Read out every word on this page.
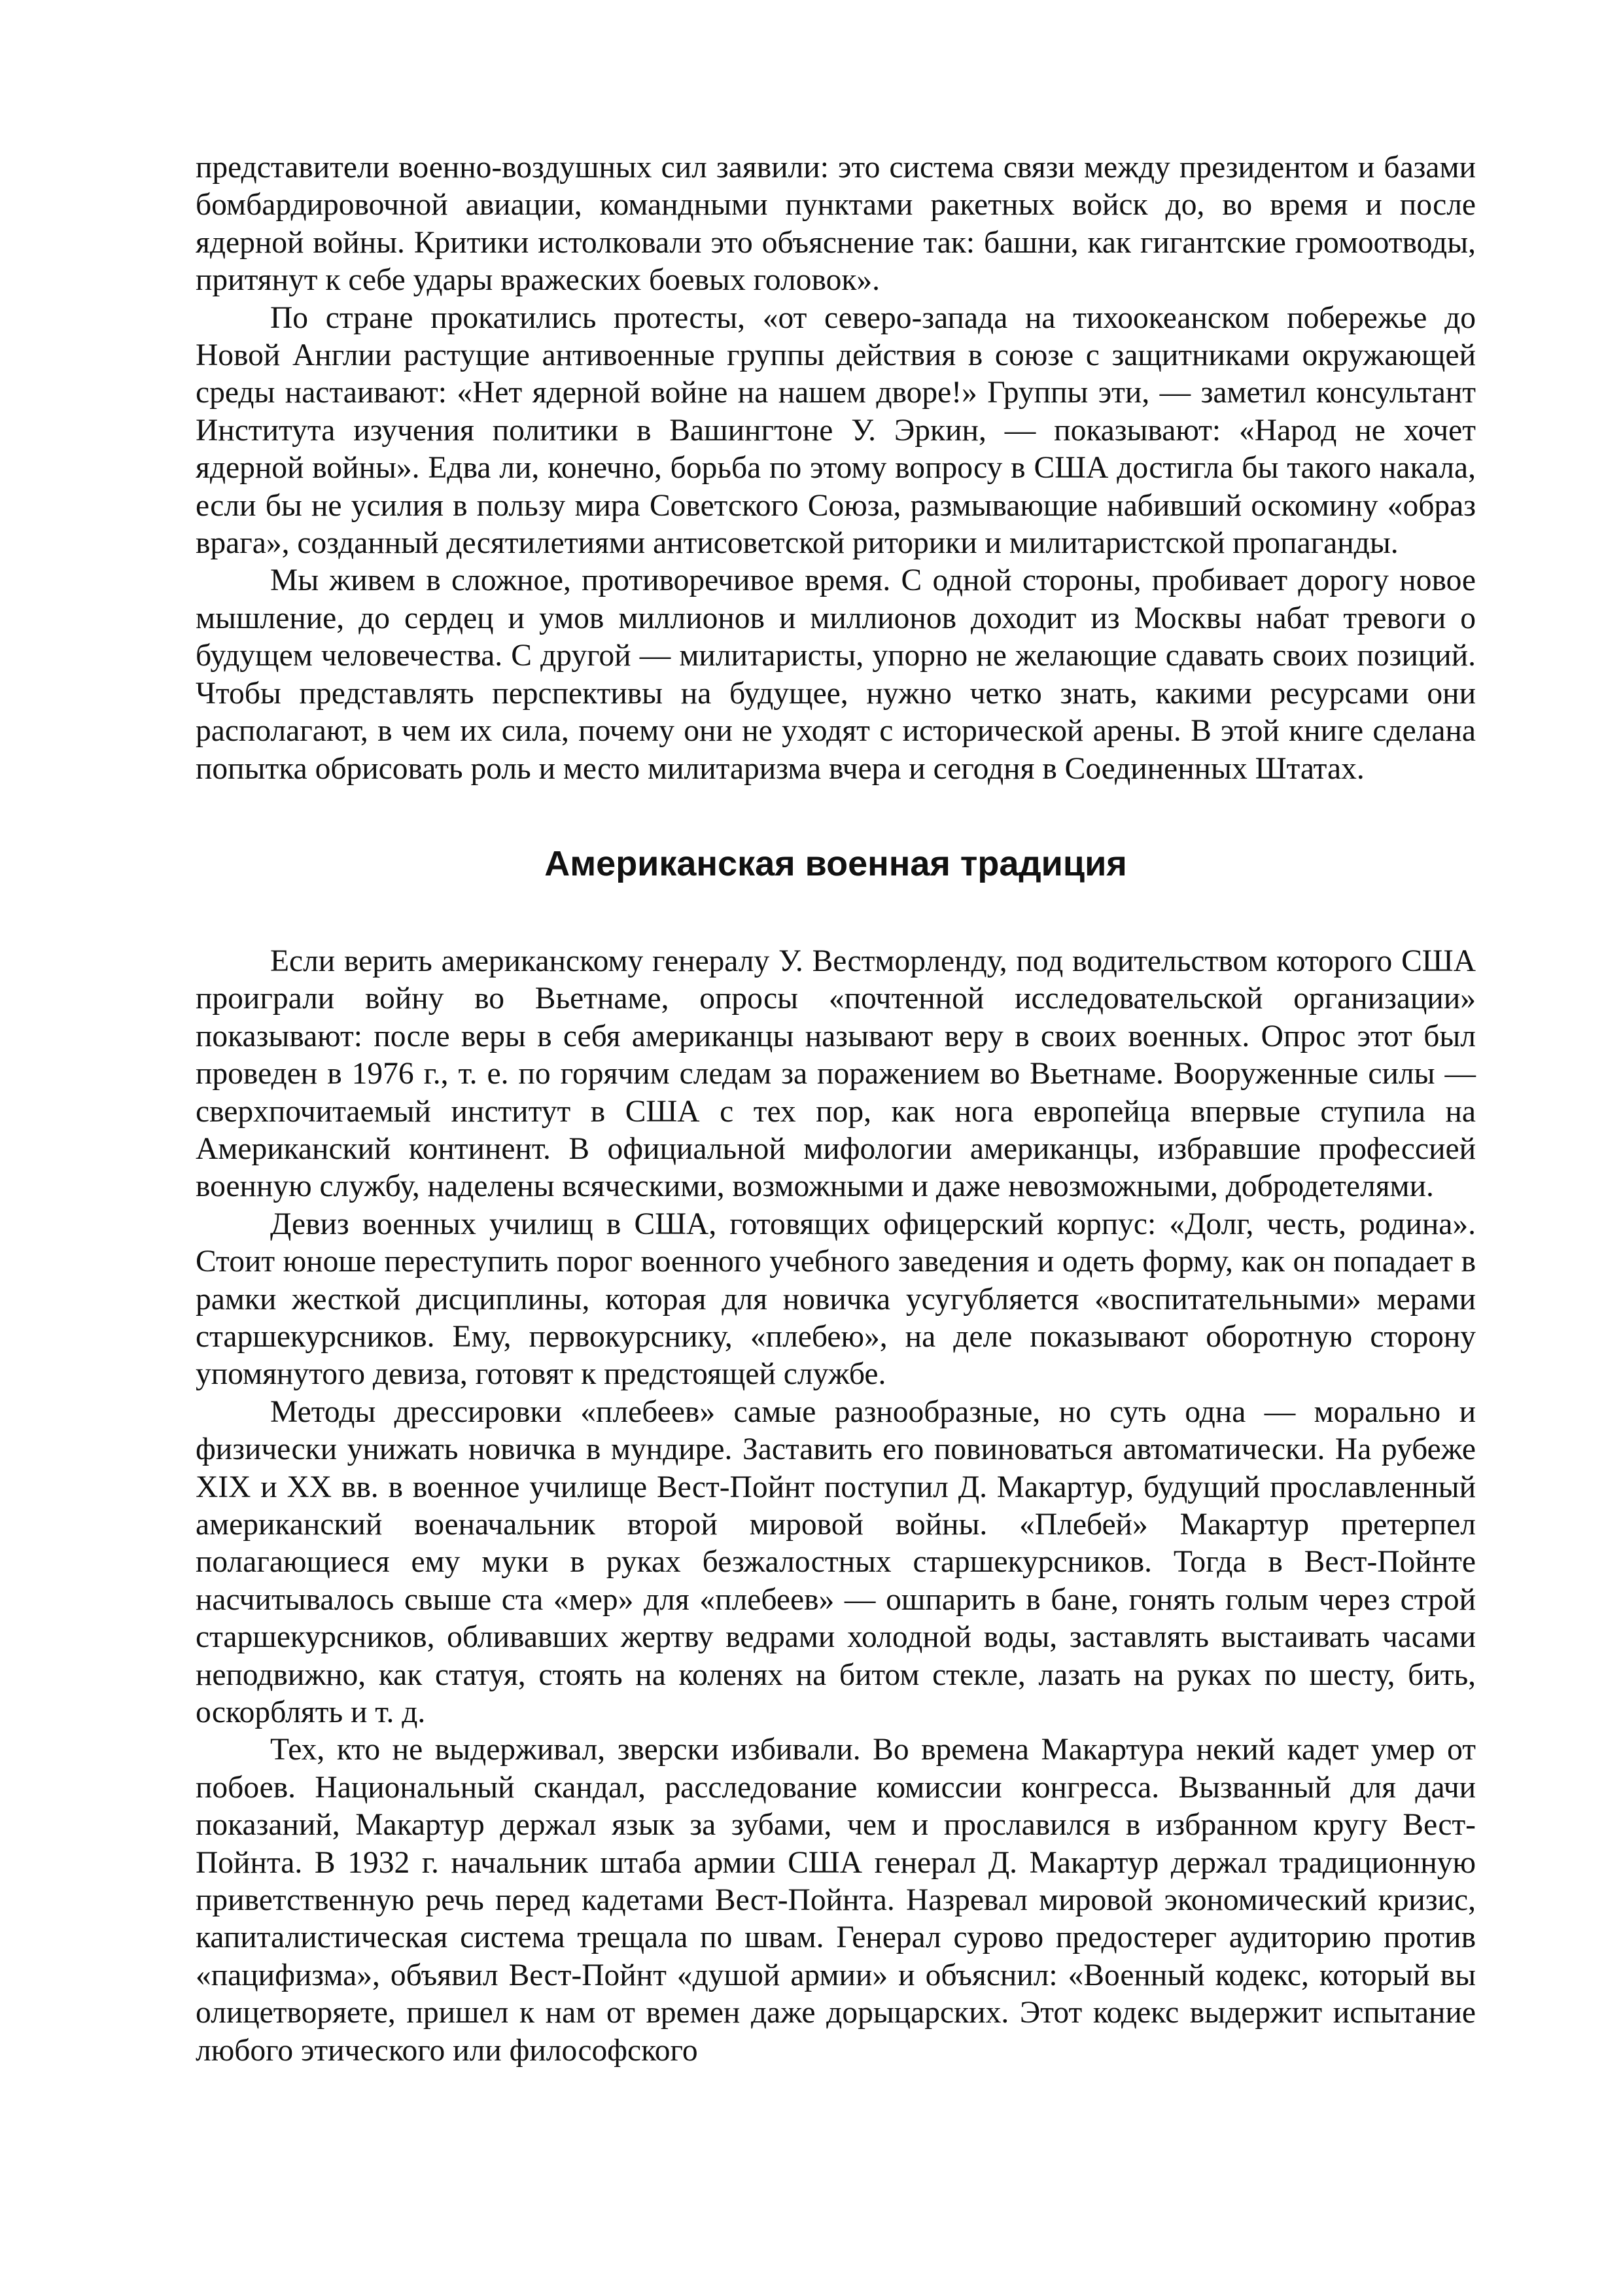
представители военно-воздушных сил заявили: это система связи между президентом и базами бомбардировочной авиации, командными пунктами ракетных войск до, во время и после ядерной войны. Критики истолковали это объяснение так: башни, как гигантские громоотводы, притянут к себе удары вражеских боевых головок».

По стране прокатились протесты, «от северо-запада на тихоокеанском побережье до Новой Англии растущие антивоенные группы действия в союзе с защитниками окружающей среды настаивают: «Нет ядерной войне на нашем дворе!» Группы эти, — заметил консультант Института изучения политики в Вашингтоне У. Эркин, — показывают: «Народ не хочет ядерной войны». Едва ли, конечно, борьба по этому вопросу в США достигла бы такого накала, если бы не усилия в пользу мира Советского Союза, размывающие набивший оскомину «образ врага», созданный десятилетиями антисоветской риторики и милитаристской пропаганды.

Мы живем в сложное, противоречивое время. С одной стороны, пробивает дорогу новое мышление, до сердец и умов миллионов и миллионов доходит из Москвы набат тревоги о будущем человечества. С другой — милитаристы, упорно не желающие сдавать своих позиций. Чтобы представлять перспективы на будущее, нужно четко знать, какими ресурсами они располагают, в чем их сила, почему они не уходят с исторической арены. В этой книге сделана попытка обрисовать роль и место милитаризма вчера и сегодня в Соединенных Штатах.

Американская военная традиция

Если верить американскому генералу У. Вестморленду, под водительством которого США проиграли войну во Вьетнаме, опросы «почтенной исследовательской организации» показывают: после веры в себя американцы называют веру в своих военных. Опрос этот был проведен в 1976 г., т. е. по горячим следам за поражением во Вьетнаме. Вооруженные силы — сверхпочитаемый институт в США с тех пор, как нога европейца впервые ступила на Американский континент. В официальной мифологии американцы, избравшие профессией военную службу, наделены всяческими, возможными и даже невозможными, добродетелями.

Девиз военных училищ в США, готовящих офицерский корпус: «Долг, честь, родина». Стоит юноше переступить порог военного учебного заведения и одеть форму, как он попадает в рамки жесткой дисциплины, которая для новичка усугубляется «воспитательными» мерами старшекурсников. Ему, первокурснику, «плебею», на деле показывают оборотную сторону упомянутого девиза, готовят к предстоящей службе.

Методы дрессировки «плебеев» самые разнообразные, но суть одна — морально и физически унижать новичка в мундире. Заставить его повиноваться автоматически. На рубеже XIX и XX вв. в военное училище Вест-Пойнт поступил Д. Макартур, будущий прославленный американский военачальник второй мировой войны. «Плебей» Макартур претерпел полагающиеся ему муки в руках безжалостных старшекурсников. Тогда в Вест-Пойнте насчитывалось свыше ста «мер» для «плебеев» — ошпарить в бане, гонять голым через строй старшекурсников, обливавших жертву ведрами холодной воды, заставлять выстаивать часами неподвижно, как статуя, стоять на коленях на битом стекле, лазать на руках по шесту, бить, оскорблять и т. д.

Тех, кто не выдерживал, зверски избивали. Во времена Макартура некий кадет умер от побоев. Национальный скандал, расследование комиссии конгресса. Вызванный для дачи показаний, Макартур держал язык за зубами, чем и прославился в избранном кругу Вест-Пойнта. В 1932 г. начальник штаба армии США генерал Д. Макартур держал традиционную приветственную речь перед кадетами Вест-Пойнта. Назревал мировой экономический кризис, капиталистическая система трещала по швам. Генерал сурово предостерег аудиторию против «пацифизма», объявил Вест-Пойнт «душой армии» и объяснил: «Военный кодекс, который вы олицетворяете, пришел к нам от времен даже дорыцарских. Этот кодекс выдержит испытание любого этического или философского
